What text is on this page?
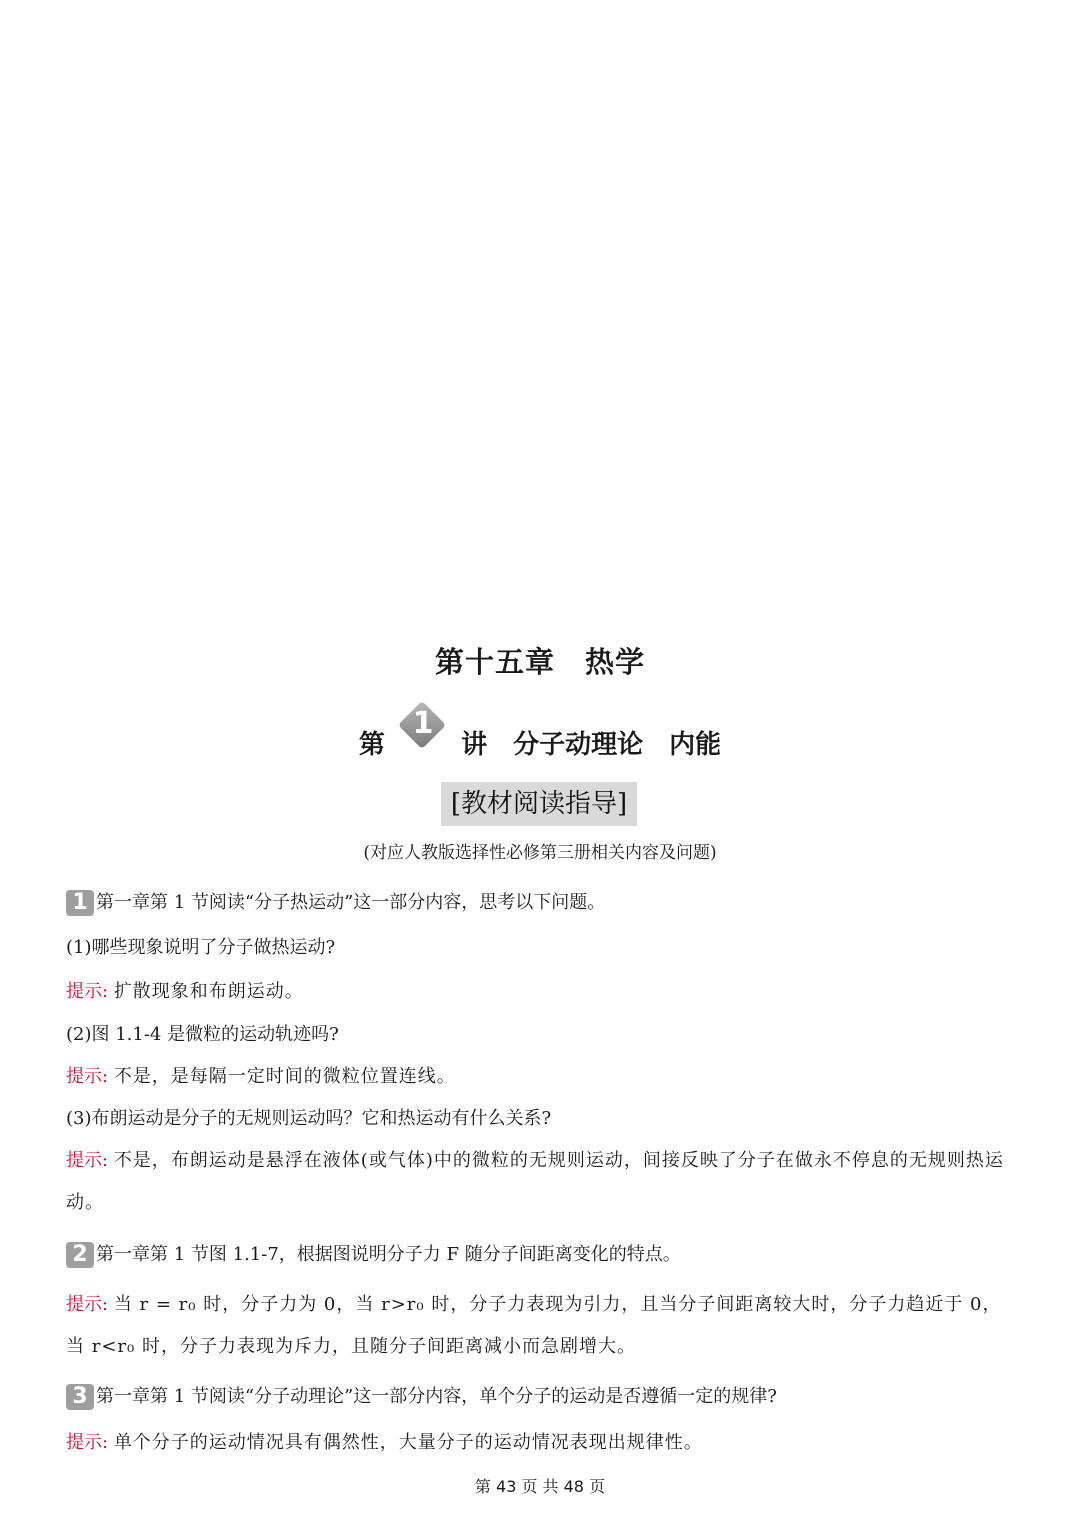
第十五章　热学
第
1
讲　分子动理论　内能
[教材阅读指导]
(对应人教版选择性必修第三册相关内容及问题)
1 第一章第 1 节阅读“分子热运动”这一部分内容，思考以下问题。
(1)哪些现象说明了分子做热运动?
提示: 扩散现象和布朗运动。
(2)图 1.1-4 是微粒的运动轨迹吗?
提示: 不是，是每隔一定时间的微粒位置连线。
(3)布朗运动是分子的无规则运动吗？它和热运动有什么关系?
提示: 不是，布朗运动是悬浮在液体(或气体)中的微粒的无规则运动，间接反映了分子在做永不停息的无规则热运动。
2 第一章第 1 节图 1.1-7，根据图说明分子力 F 随分子间距离变化的特点。
提示: 当 r = r₀ 时，分子力为 0，当 r>r₀ 时，分子力表现为引力，且当分子间距离较大时，分子力趋近于 0，当 r<r₀ 时，分子力表现为斥力，且随分子间距离减小而急剧增大。
3 第一章第 1 节阅读“分子动理论”这一部分内容，单个分子的运动是否遵循一定的规律?
提示: 单个分子的运动情况具有偶然性，大量分子的运动情况表现出规律性。
第 43 页 共 48 页
